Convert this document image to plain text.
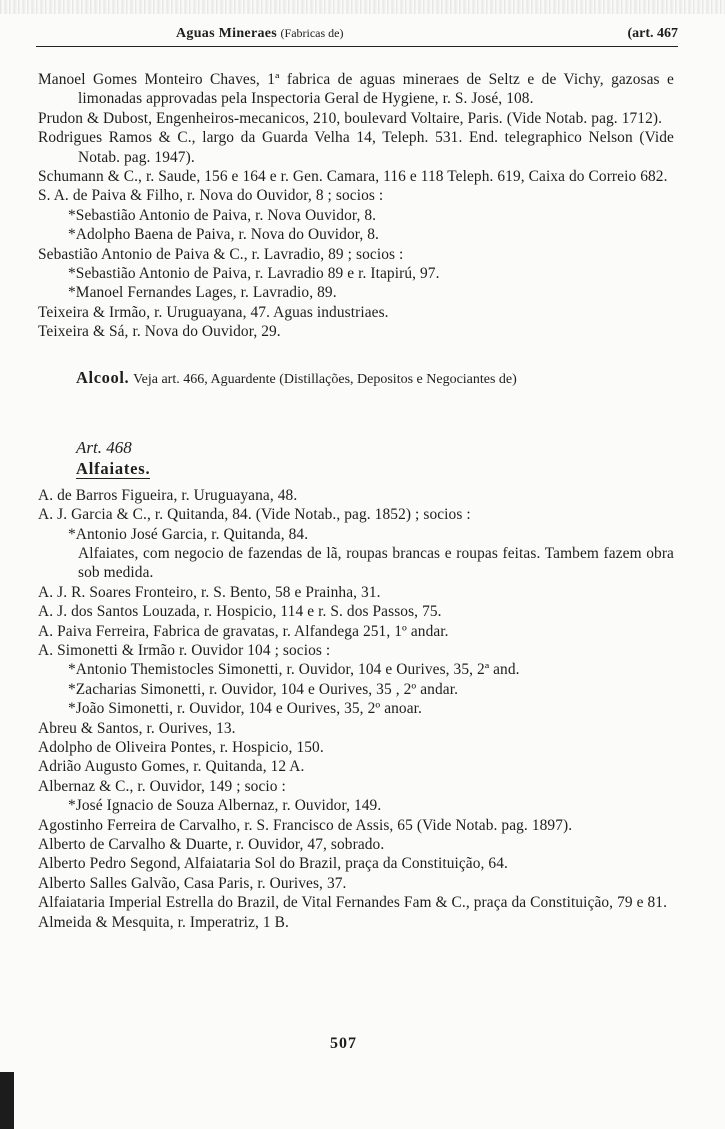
Aguas Mineraes (Fabricas de)	(art. 467
Manoel Gomes Monteiro Chaves, 1ª fabrica de aguas mineraes de Seltz e de Vichy, gazosas e limonadas approvadas pela Inspectoria Geral de Hygiene, r. S. José, 108.
Prudon & Dubost, Engenheiros-mecanicos, 210, boulevard Voltaire, Paris. (Vide Notab. pag. 1712).
Rodrigues Ramos & C., largo da Guarda Velha 14, Teleph. 531. End. telegraphico Nelson (Vide Notab. pag. 1947).
Schumann & C., r. Saude, 156 e 164 e r. Gen. Camara, 116 e 118 Teleph. 619, Caixa do Correio 682.
S. A. de Paiva & Filho, r. Nova do Ouvidor, 8 ; socios :
*Sebastião Antonio de Paiva, r. Nova Ouvidor, 8.
*Adolpho Baena de Paiva, r. Nova do Ouvidor, 8.
Sebastião Antonio de Paiva & C., r. Lavradio, 89 ; socios :
*Sebastião Antonio de Paiva, r. Lavradio 89 e r. Itapirú, 97.
*Manoel Fernandes Lages, r. Lavradio, 89.
Teixeira & Irmão, r. Uruguayana, 47. Aguas industriaes.
Teixeira & Sá, r. Nova do Ouvidor, 29.
Alcool. Veja art. 466, Aguardente (Distillações, Depositos e Negociantes de)
Art. 468
Alfaiates.
A. de Barros Figueira, r. Uruguayana, 48.
A. J. Garcia & C., r. Quitanda, 84. (Vide Notab., pag. 1852) ; socios :
*Antonio José Garcia, r. Quitanda, 84.
Alfaiates, com negocio de fazendas de lã, roupas brancas e roupas feitas. Tambem fazem obra sob medida.
A. J. R. Soares Fronteiro, r. S. Bento, 58 e Prainha, 31.
A. J. dos Santos Louzada, r. Hospicio, 114 e r. S. dos Passos, 75.
A. Paiva Ferreira, Fabrica de gravatas, r. Alfandega 251, 1º andar.
A. Simonetti & Irmão r. Ouvidor 104 ; socios :
*Antonio Themistocles Simonetti, r. Ouvidor, 104 e Ourives, 35, 2ª and.
*Zacharias Simonetti, r. Ouvidor, 104 e Ourives, 35 , 2º andar.
*João Simonetti, r. Ouvidor, 104 e Ourives, 35, 2º anoar.
Abreu & Santos, r. Ourives, 13.
Adolpho de Oliveira Pontes, r. Hospicio, 150.
Adrião Augusto Gomes, r. Quitanda, 12 A.
Albernaz & C., r. Ouvidor, 149 ; socio :
*José Ignacio de Souza Albernaz, r. Ouvidor, 149.
Agostinho Ferreira de Carvalho, r. S. Francisco de Assis, 65 (Vide Notab. pag. 1897).
Alberto de Carvalho & Duarte, r. Ouvidor, 47, sobrado.
Alberto Pedro Segond, Alfaiataria Sol do Brazil, praça da Constituição, 64.
Alberto Salles Galvão, Casa Paris, r. Ourives, 37.
Alfaiataria Imperial Estrella do Brazil, de Vital Fernandes Fam & C., praça da Constituição, 79 e 81.
Almeida & Mesquita, r. Imperatriz, 1 B.
507
